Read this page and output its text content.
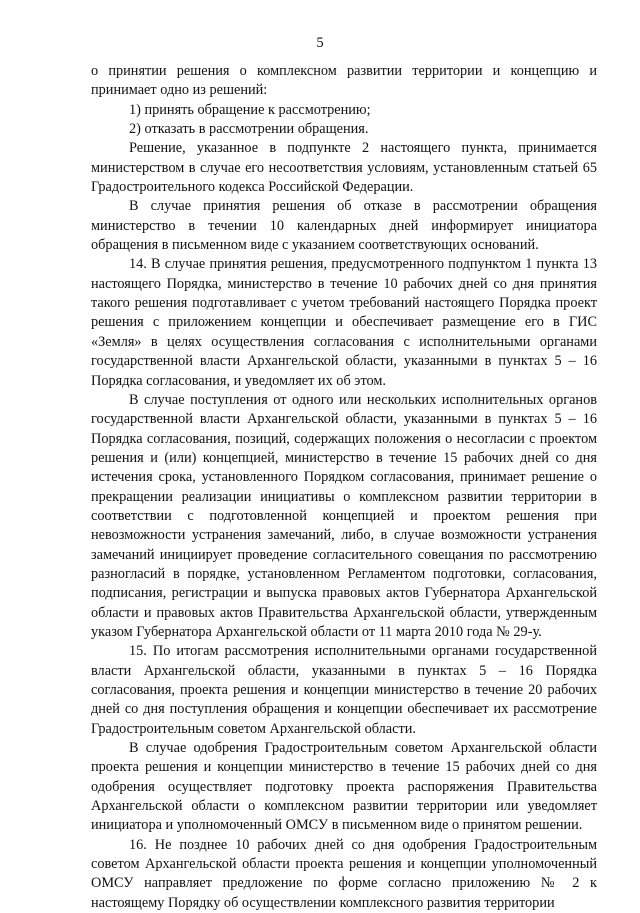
5

о принятии решения о комплексном развитии территории и концепцию и принимает одно из решений:

1) принять обращение к рассмотрению;

2) отказать в рассмотрении обращения.

Решение, указанное в подпункте 2 настоящего пункта, принимается министерством в случае его несоответствия условиям, установленным статьей 65 Градостроительного кодекса Российской Федерации.

В случае принятия решения об отказе в рассмотрении обращения министерство в течении 10 календарных дней информирует инициатора обращения в письменном виде с указанием соответствующих оснований.

14. В случае принятия решения, предусмотренного подпунктом 1 пункта 13 настоящего Порядка, министерство в течение 10 рабочих дней со дня принятия такого решения подготавливает с учетом требований настоящего Порядка проект решения с приложением концепции и обеспечивает размещение его в ГИС «Земля» в целях осуществления согласования с исполнительными органами государственной власти Архангельской области, указанными в пунктах 5 – 16 Порядка согласования, и уведомляет их об этом.

В случае поступления от одного или нескольких исполнительных органов государственной власти Архангельской области, указанными в пунктах 5 – 16 Порядка согласования, позиций, содержащих положения о несогласии с проектом решения и (или) концепцией, министерство в течение 15 рабочих дней со дня истечения срока, установленного Порядком согласования, принимает решение о прекращении реализации инициативы о комплексном развитии территории в соответствии с подготовленной концепцией и проектом решения при невозможности устранения замечаний, либо, в случае возможности устранения замечаний инициирует проведение согласительного совещания по рассмотрению разногласий в порядке, установленном Регламентом подготовки, согласования, подписания, регистрации и выпуска правовых актов Губернатора Архангельской области и правовых актов Правительства Архангельской области, утвержденным указом Губернатора Архангельской области от 11 марта 2010 года № 29-у.

15. По итогам рассмотрения исполнительными органами государственной власти Архангельской области, указанными в пунктах 5 – 16 Порядка согласования, проекта решения и концепции министерство в течение 20 рабочих дней со дня поступления обращения и концепции обеспечивает их рассмотрение Градостроительным советом Архангельской области.

В случае одобрения Градостроительным советом Архангельской области проекта решения и концепции министерство в течение 15 рабочих дней со дня одобрения осуществляет подготовку проекта распоряжения Правительства Архангельской области о комплексном развитии территории или уведомляет инициатора и уполномоченный ОМСУ в письменном виде о принятом решении.

16. Не позднее 10 рабочих дней со дня одобрения Градостроительным советом Архангельской области проекта решения и концепции уполномоченный ОМСУ направляет предложение по форме согласно приложению № 2 к настоящему Порядку об осуществлении комплексного развития территории
